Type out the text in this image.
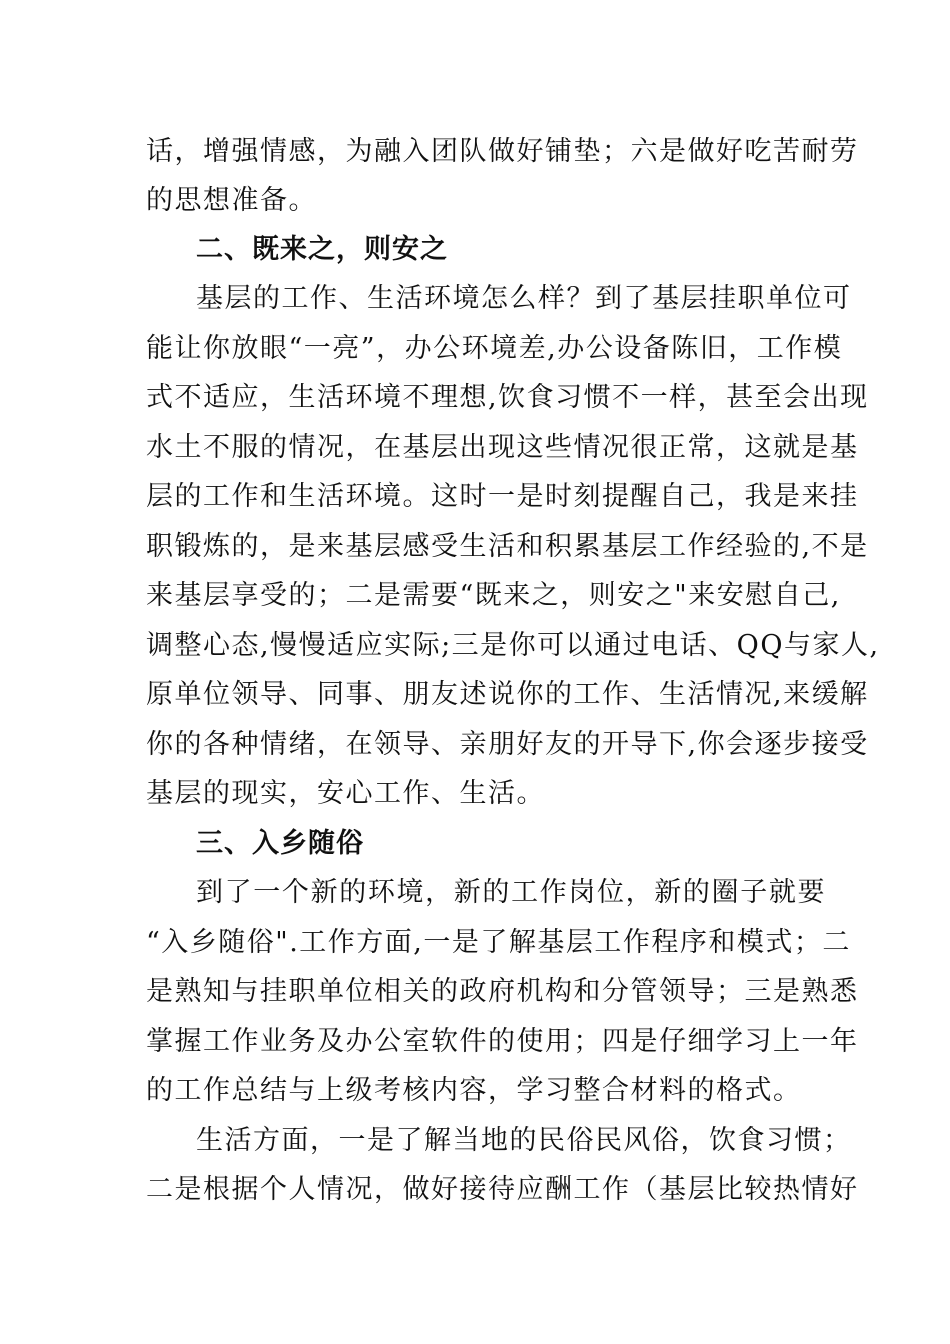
话，增强情感，为融入团队做好铺垫；六是做好吃苦耐劳
的思想准备。
二、既来之，则安之
基层的工作、生活环境怎么样？到了基层挂职单位可
能让你放眼“一亮”，办公环境差,办公设备陈旧，工作模
式不适应，生活环境不理想,饮食习惯不一样，甚至会出现
水土不服的情况，在基层出现这些情况很正常，这就是基
层的工作和生活环境。这时一是时刻提醒自己，我是来挂
职锻炼的，是来基层感受生活和积累基层工作经验的,不是
来基层享受的；二是需要“既来之，则安之"来安慰自己,
调整心态,慢慢适应实际;三是你可以通过电话、QQ与家人,
原单位领导、同事、朋友述说你的工作、生活情况,来缓解
你的各种情绪，在领导、亲朋好友的开导下,你会逐步接受
基层的现实，安心工作、生活。
三、入乡随俗
到了一个新的环境，新的工作岗位，新的圈子就要
“入乡随俗".工作方面,一是了解基层工作程序和模式；二
是熟知与挂职单位相关的政府机构和分管领导；三是熟悉
掌握工作业务及办公室软件的使用；四是仔细学习上一年
的工作总结与上级考核内容，学习整合材料的格式。
生活方面，一是了解当地的民俗民风俗，饮食习惯；
二是根据个人情况，做好接待应酬工作（基层比较热情好
